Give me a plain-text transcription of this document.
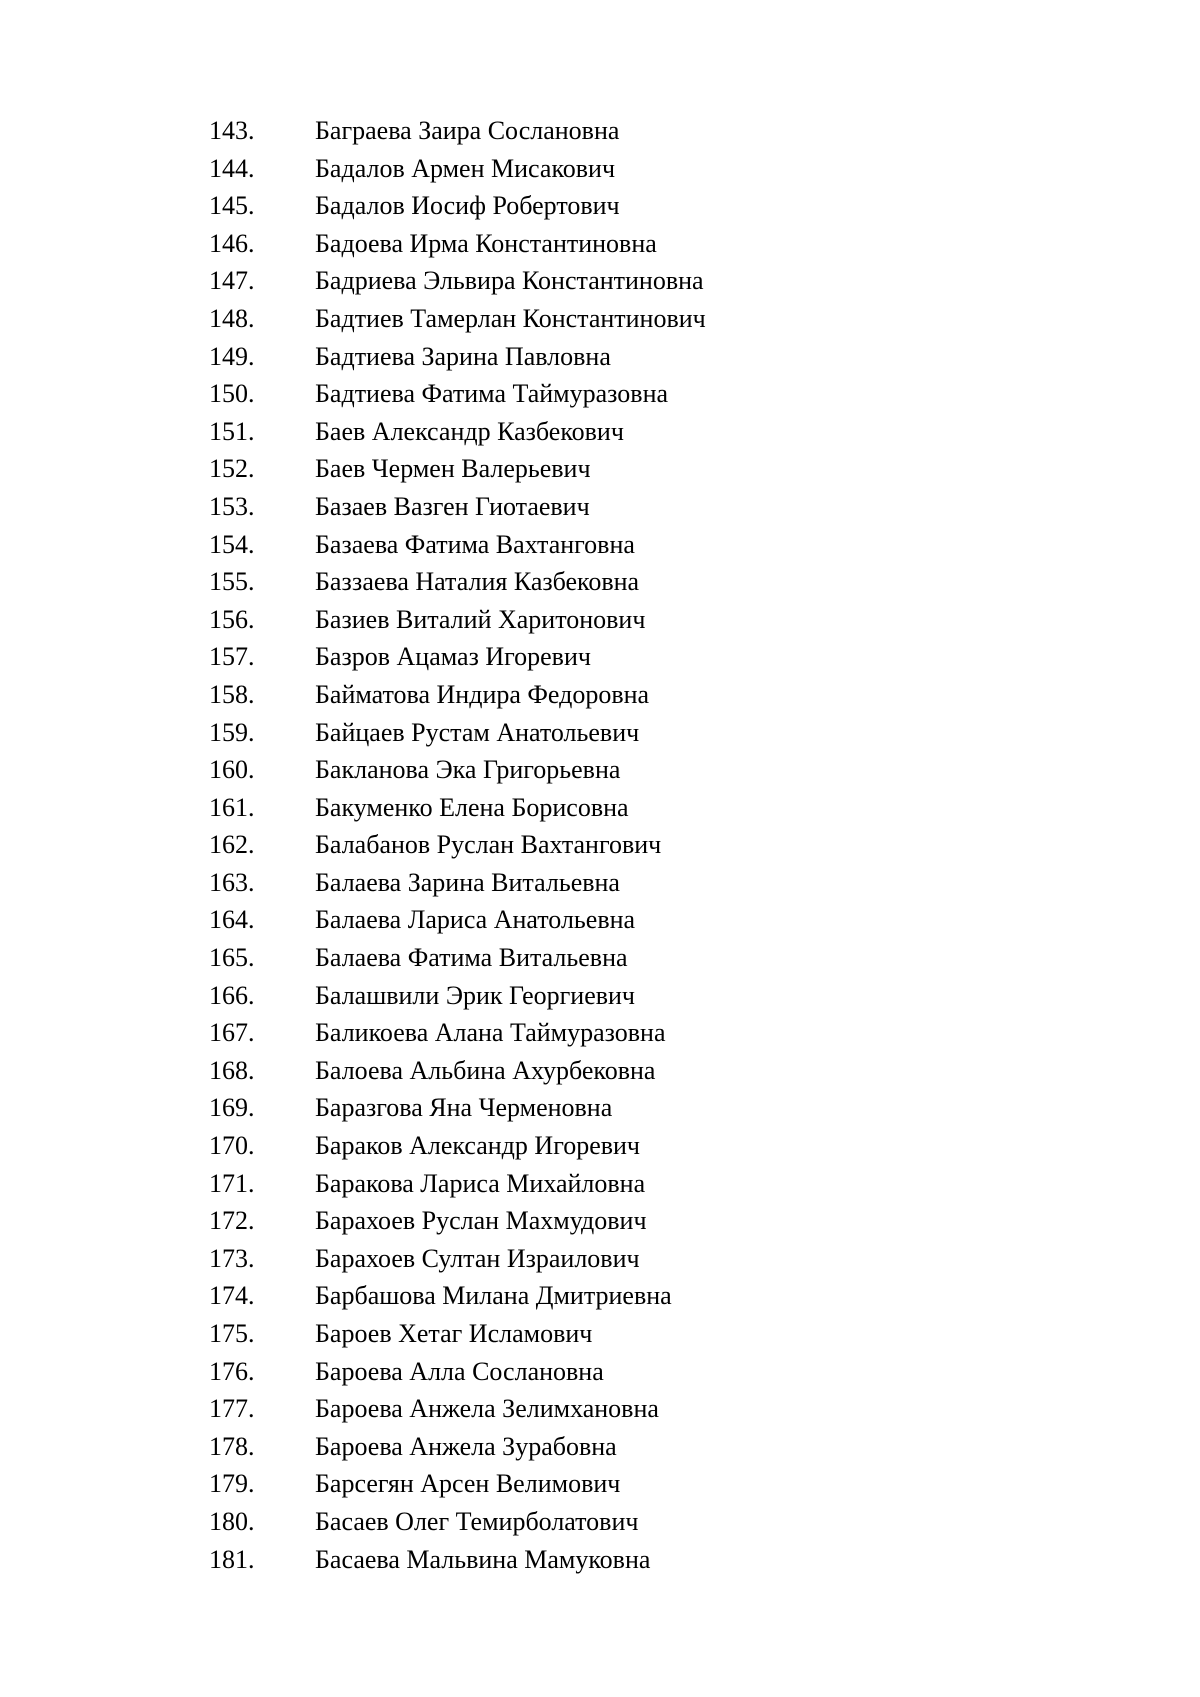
143.	Баграева Заира Сослановна
144.	Бадалов Армен Мисакович
145.	Бадалов Иосиф Робертович
146.	Бадоева Ирма Константиновна
147.	Бадриева Эльвира Константиновна
148.	Бадтиев Тамерлан Константинович
149.	Бадтиева Зарина Павловна
150.	Бадтиева Фатима Таймуразовна
151.	Баев Александр Казбекович
152.	Баев Чермен Валерьевич
153.	Базаев Вазген Гиотаевич
154.	Базаева Фатима Вахтанговна
155.	Баззаева Наталия Казбековна
156.	Базиев Виталий Харитонович
157.	Базров Ацамаз Игоревич
158.	Байматова Индира Федоровна
159.	Байцаев Рустам Анатольевич
160.	Бакланова Эка Григорьевна
161.	Бакуменко Елена Борисовна
162.	Балабанов Руслан Вахтангович
163.	Балаева Зарина Витальевна
164.	Балаева Лариса Анатольевна
165.	Балаева Фатима Витальевна
166.	Балашвили Эрик Георгиевич
167.	Баликоева Алана Таймуразовна
168.	Балоева Альбина Ахурбековна
169.	Баразгова Яна Черменовна
170.	Бараков Александр Игоревич
171.	Баракова Лариса Михайловна
172.	Барахоев Руслан Махмудович
173.	Барахоев Султан Израилович
174.	Барбашова Милана Дмитриевна
175.	Бароев Хетаг Исламович
176.	Бароева Алла Сослановна
177.	Бароева Анжела Зелимхановна
178.	Бароева Анжела Зурабовна
179.	Барсегян Арсен Велимович
180.	Басаев Олег Темирболатович
181.	Басаева Мальвина Мамуковна
